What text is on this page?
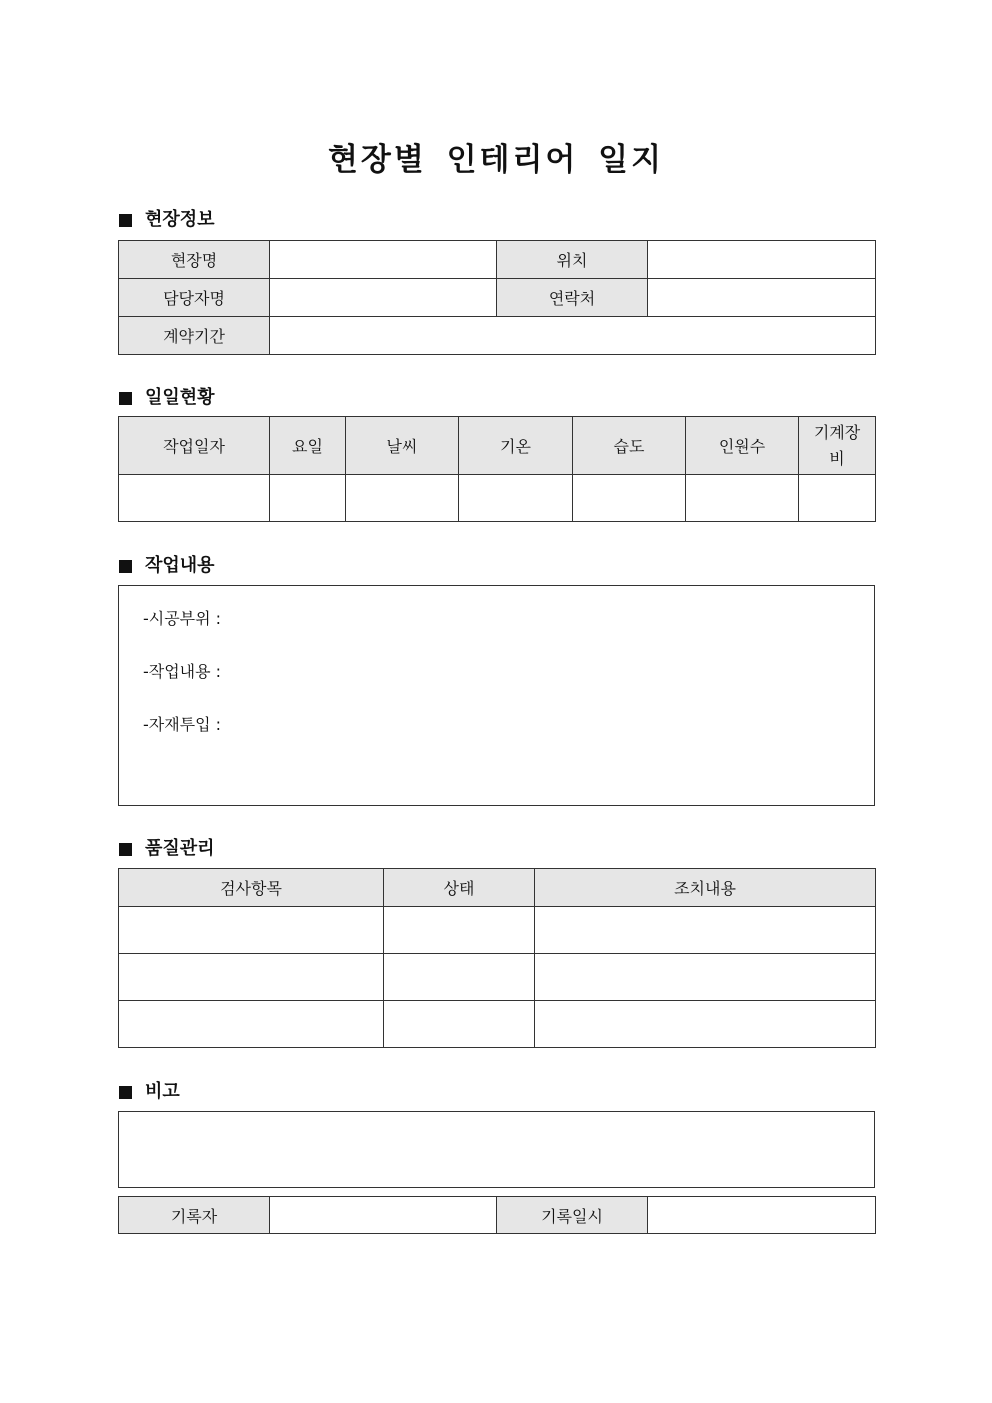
현장별 인테리어 일지
현장정보
현장명		위치	
담당자명		연락처	
계약기간			
일일현황
작업일자	요일	날씨	기온	습도	인원수	기계장비

작업내용
-시공부위 :
-작업내용 :
-자재투입 :
품질관리
검사항목	상태	조치내용

비고
기록자		기록일시	
